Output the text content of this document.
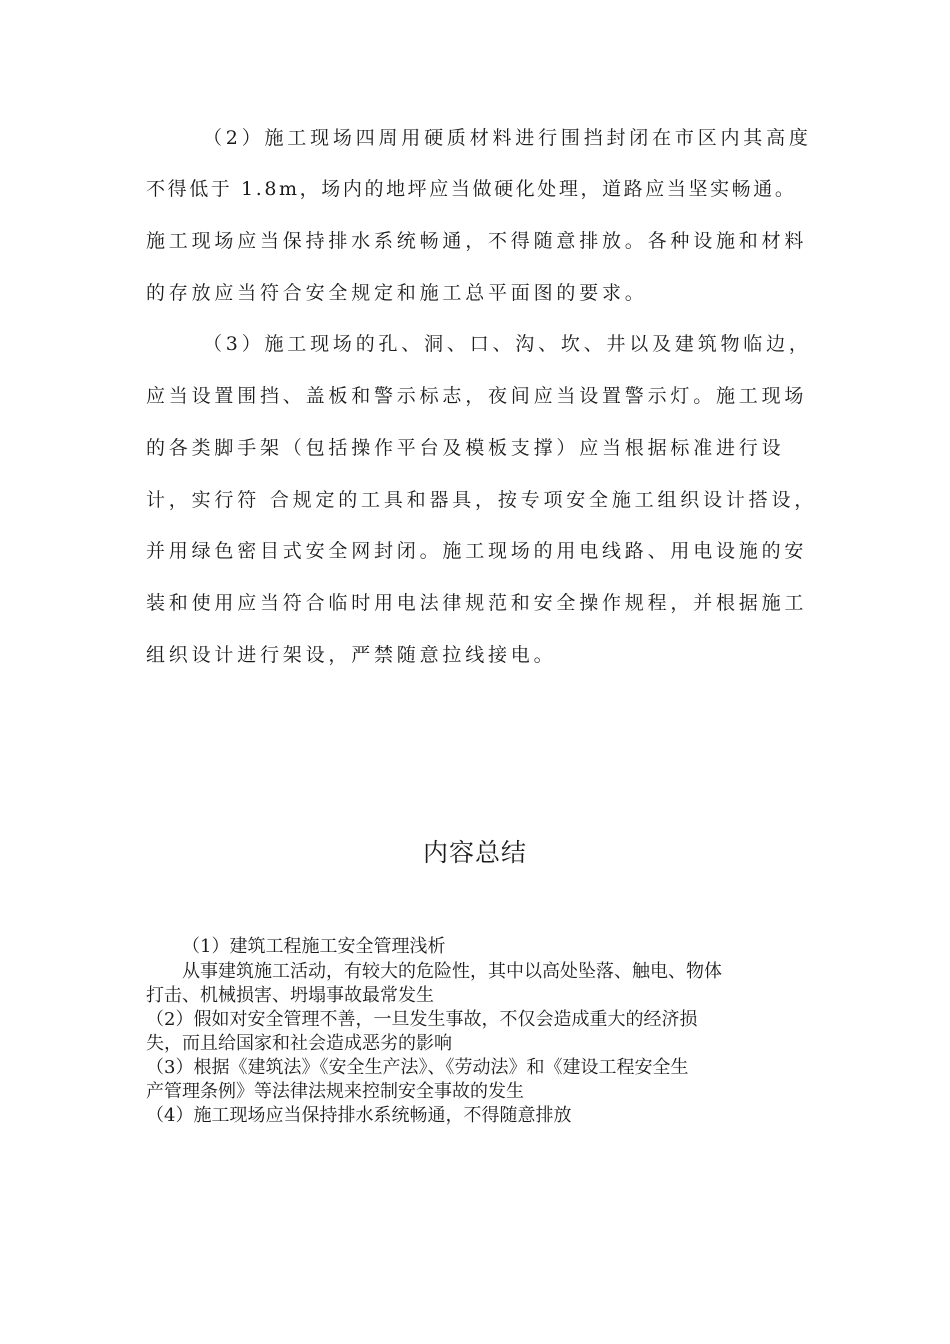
（2）施工现场四周用硬质材料进行围挡封闭在市区内其高度
不得低于 1.8m，场内的地坪应当做硬化处理，道路应当坚实畅通。
施工现场应当保持排水系统畅通，不得随意排放。各种设施和材料
的存放应当符合安全规定和施工总平面图的要求。
（3）施工现场的孔、洞、口、沟、坎、井以及建筑物临边，
应当设置围挡、盖板和警示标志，夜间应当设置警示灯。施工现场
的各类脚手架（包括操作平台及模板支撑）应当根据标准进行设
计，实行符 合规定的工具和器具，按专项安全施工组织设计搭设，
并用绿色密目式安全网封闭。施工现场的用电线路、用电设施的安
装和使用应当符合临时用电法律规范和安全操作规程，并根据施工
组织设计进行架设，严禁随意拉线接电。
内容总结
（1）建筑工程施工安全管理浅析
从事建筑施工活动，有较大的危险性，其中以高处坠落、触电、物体
打击、机械损害、坍塌事故最常发生
（2）假如对安全管理不善，一旦发生事故，不仅会造成重大的经济损
失，而且给国家和社会造成恶劣的影响
（3）根据《建筑法》《安全生产法》、《劳动法》和《建设工程安全生
产管理条例》等法律法规来控制安全事故的发生
（4）施工现场应当保持排水系统畅通，不得随意排放
